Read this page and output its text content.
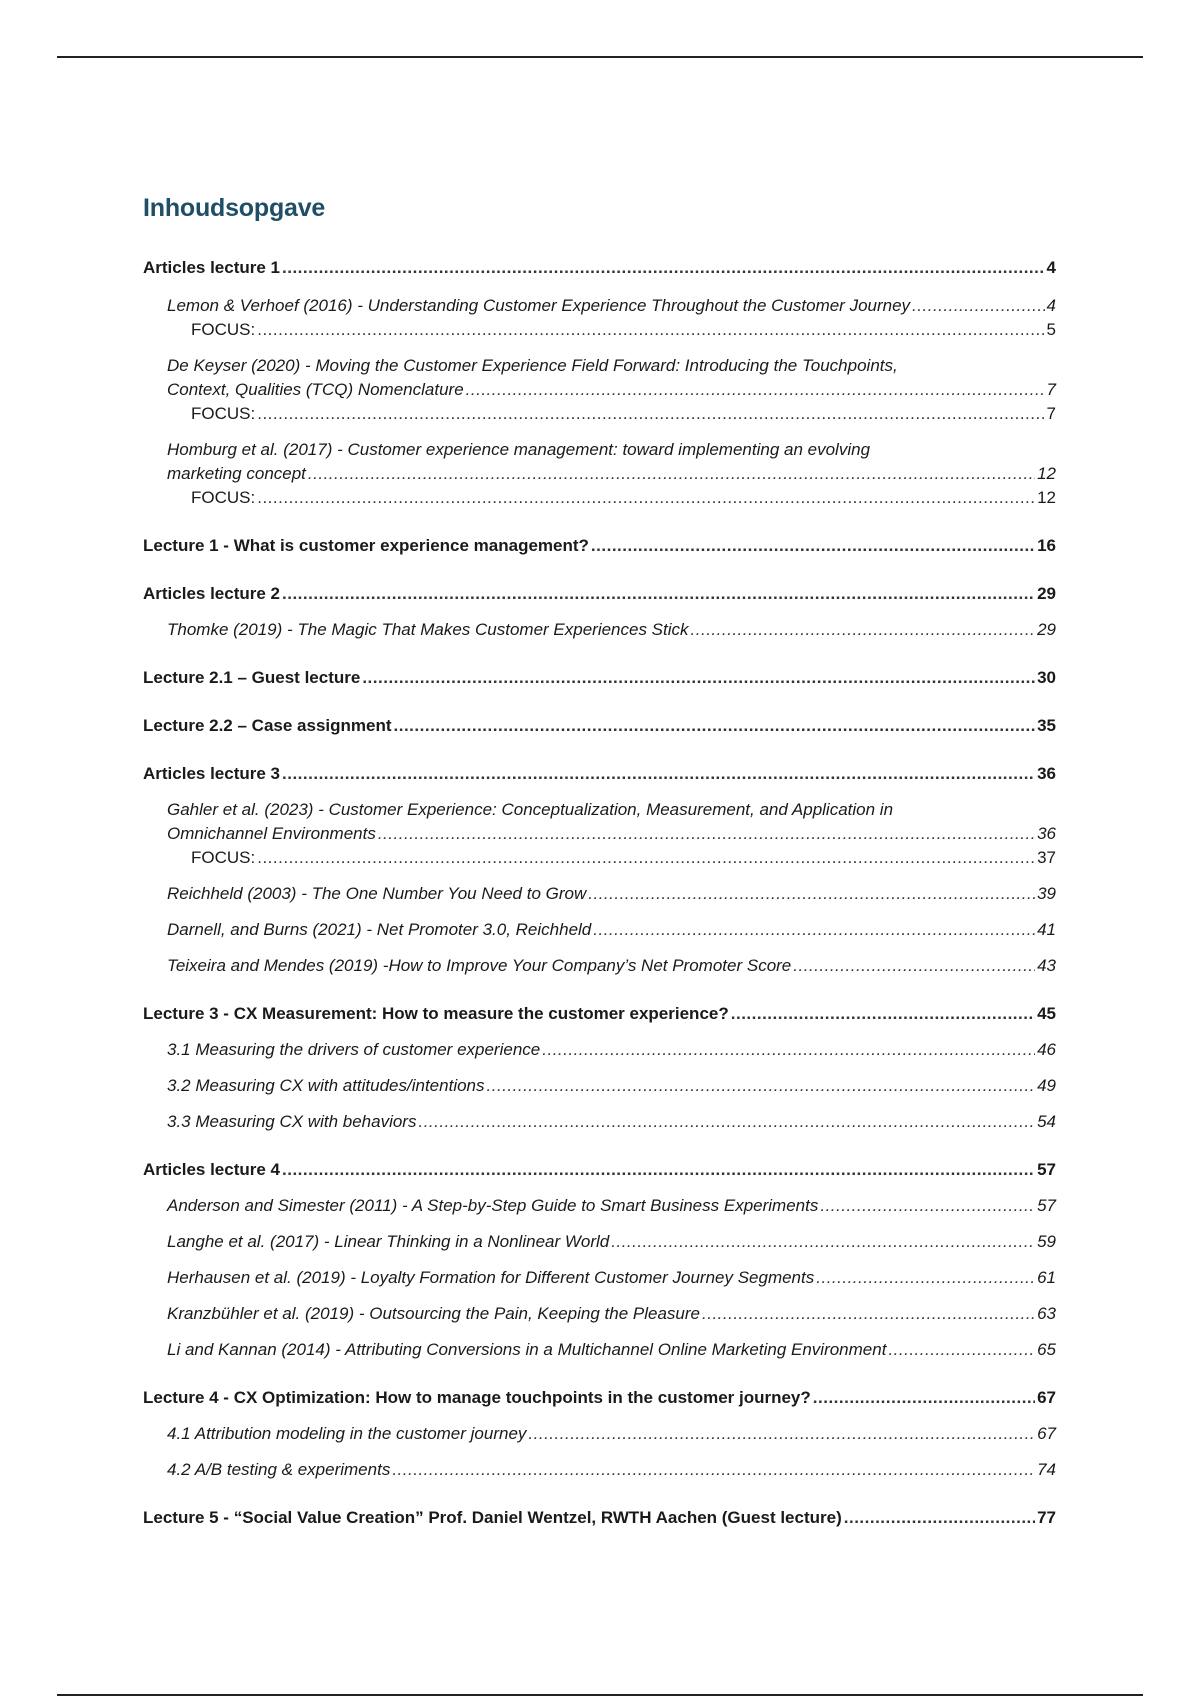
Inhoudsopgave
Articles lecture 1 .....	4
Lemon & Verhoef (2016) - Understanding Customer Experience Throughout the Customer Journey .....	4
FOCUS: .....	5
De Keyser (2020) - Moving the Customer Experience Field Forward: Introducing the Touchpoints,
Context, Qualities (TCQ) Nomenclature .....	7
FOCUS: .....	7
Homburg et al. (2017) - Customer experience management: toward implementing an evolving
marketing concept .....	12
FOCUS: .....	12
Lecture 1 - What is customer experience management? .....	16
Articles lecture 2 .....	29
Thomke (2019) - The Magic That Makes Customer Experiences Stick .....	29
Lecture 2.1 – Guest lecture .....	30
Lecture 2.2 – Case assignment .....	35
Articles lecture 3 .....	36
Gahler et al. (2023) - Customer Experience: Conceptualization, Measurement, and Application in
Omnichannel Environments .....	36
FOCUS: .....	37
Reichheld (2003) - The One Number You Need to Grow .....	39
Darnell, and Burns (2021) - Net Promoter 3.0, Reichheld .....	41
Teixeira and Mendes (2019) -How to Improve Your Company’s Net Promoter Score .....	43
Lecture 3 - CX Measurement: How to measure the customer experience? .....	45
3.1 Measuring the drivers of customer experience .....	46
3.2 Measuring CX with attitudes/intentions .....	49
3.3 Measuring CX with behaviors .....	54
Articles lecture 4 .....	57
Anderson and Simester (2011) - A Step-by-Step Guide to Smart Business Experiments .....	57
Langhe et al. (2017) - Linear Thinking in a Nonlinear World .....	59
Herhausen et al. (2019) - Loyalty Formation for Different Customer Journey Segments .....	61
Kranzbühler et al. (2019) - Outsourcing the Pain, Keeping the Pleasure .....	63
Li and Kannan (2014) - Attributing Conversions in a Multichannel Online Marketing Environment .....	65
Lecture 4 - CX Optimization: How to manage touchpoints in the customer journey? .....	67
4.1 Attribution modeling in the customer journey .....	67
4.2 A/B testing & experiments .....	74
Lecture 5 - “Social Value Creation” Prof. Daniel Wentzel, RWTH Aachen (Guest lecture) .....	77
